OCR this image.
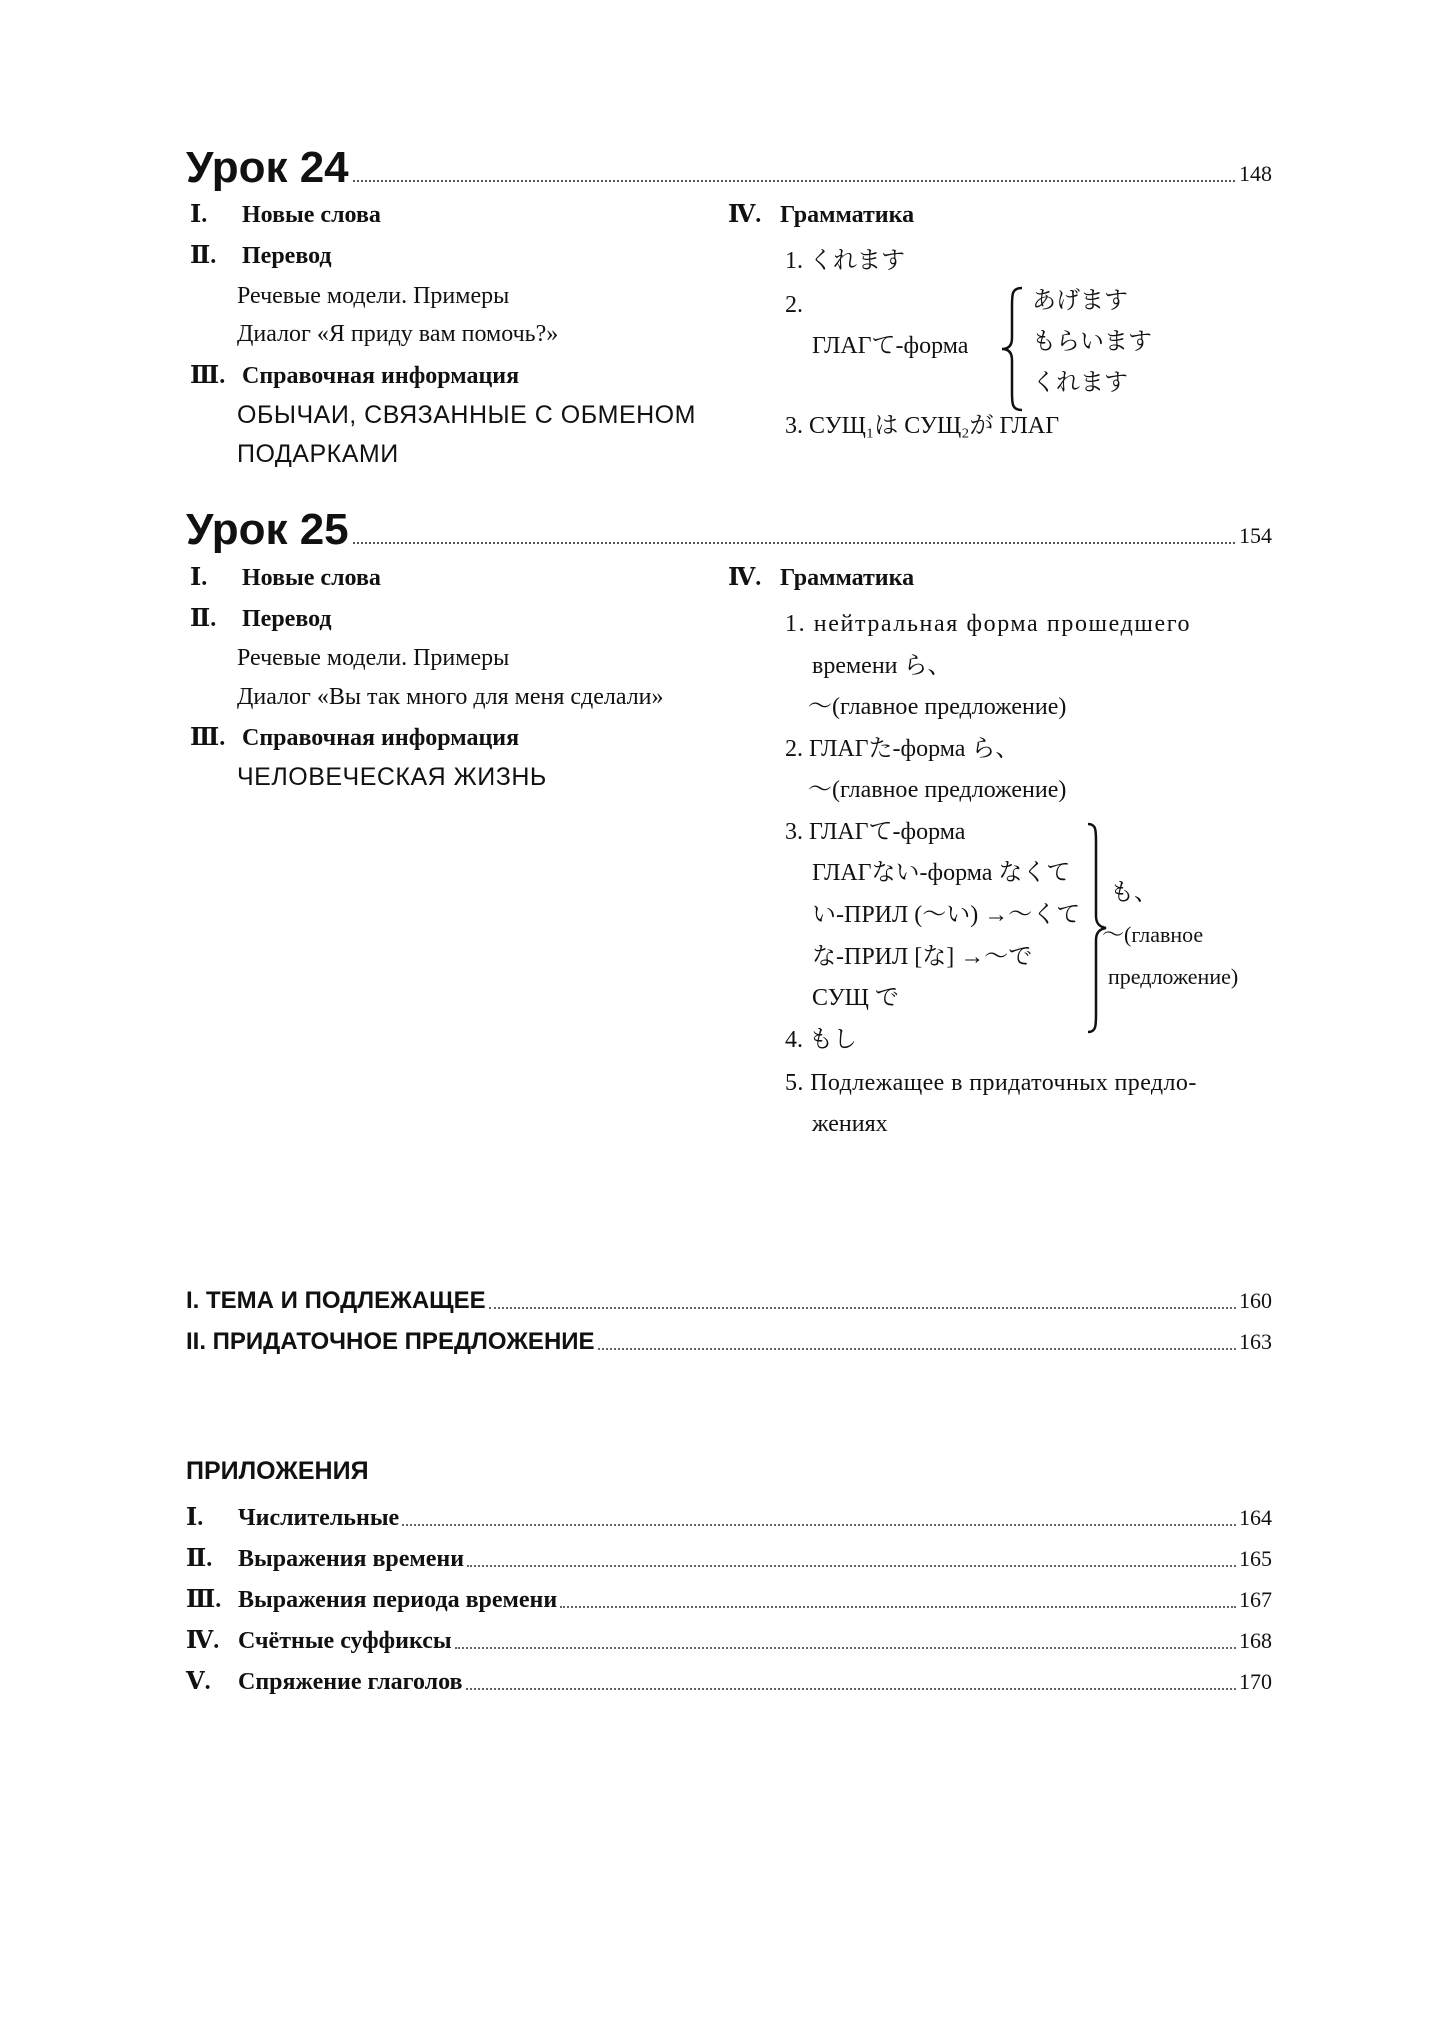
Урок 24	148
Ⅰ. Новые слова
Ⅱ. Перевод
Речевые модели. Примеры
Диалог «Я приду вам помочь?»
Ⅲ. Справочная информация
ОБЫЧАИ, СВЯЗАННЫЕ С ОБМЕНОМ
ПОДАРКАМИ
Ⅳ. Грамматика
1. くれます
2.
ГЛАГて-форма
あげます
もらいます
くれます
3. СУЩ₁は СУЩ₂が ГЛАГ
Урок 25	154
Ⅰ. Новые слова
Ⅱ. Перевод
Речевые модели. Примеры
Диалог «Вы так много для меня сделали»
Ⅲ. Справочная информация
ЧЕЛОВЕЧЕСКАЯ ЖИЗНЬ
Ⅳ. Грамматика
1. нейтральная форма прошедшего
времени ら、
～(главное предложение)
2. ГЛАГた-форма ら、
～(главное предложение)
3. ГЛАГて-форма
ГЛАГない-форма なくて
い-ПРИЛ (～い) →～くて
な-ПРИЛ [な] →～で
СУЩ で
も、
～(главное
предложение)
4. もし
5. Подлежащее в придаточных предло-
жениях
I. ТЕМА И ПОДЛЕЖАЩЕЕ	160
II. ПРИДАТОЧНОЕ ПРЕДЛОЖЕНИЕ	163
ПРИЛОЖЕНИЯ
Ⅰ. Числительные	164
Ⅱ. Выражения времени	165
Ⅲ. Выражения периода времени	167
Ⅳ. Счётные суффиксы	168
Ⅴ. Спряжение глаголов	170
